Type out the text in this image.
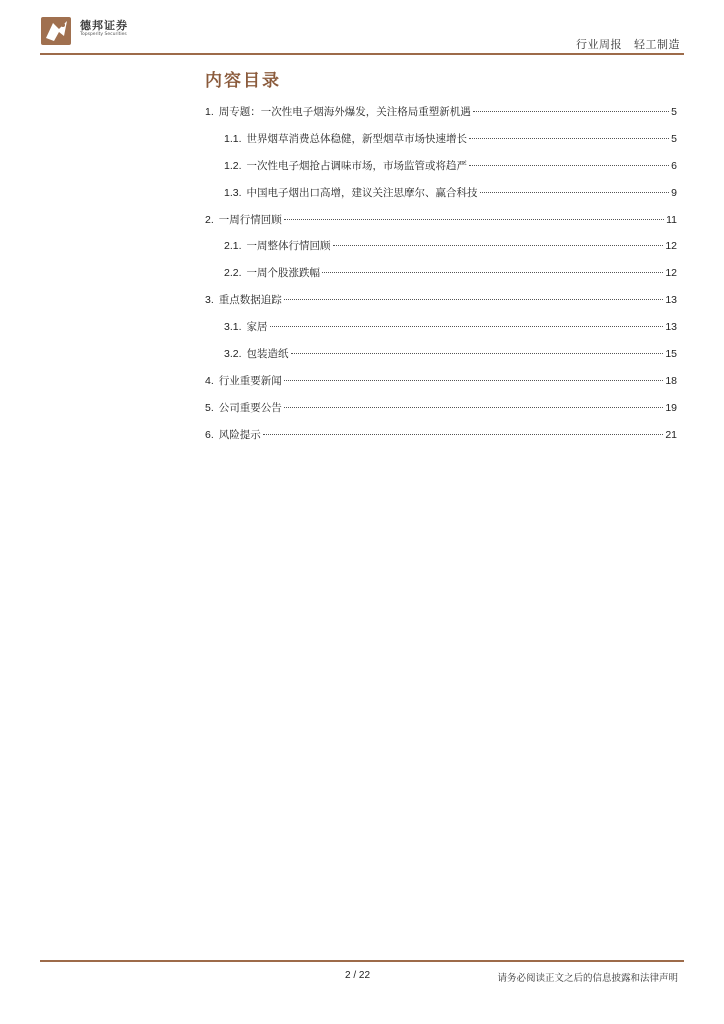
德邦证券
Topsperity Securities
行业周报 轻工制造
内容目录
1. 周专题：一次性电子烟海外爆发，关注格局重塑新机遇	5
1.1. 世界烟草消费总体稳健，新型烟草市场快速增长	5
1.2. 一次性电子烟抢占调味市场，市场监管或将趋严	6
1.3. 中国电子烟出口高增，建议关注思摩尔、赢合科技	9
2. 一周行情回顾	11
2.1. 一周整体行情回顾	12
2.2. 一周个股涨跌幅	12
3. 重点数据追踪	13
3.1. 家居	13
3.2. 包装造纸	15
4. 行业重要新闻	18
5. 公司重要公告	19
6. 风险提示	21
2 / 22	请务必阅读正文之后的信息披露和法律声明
